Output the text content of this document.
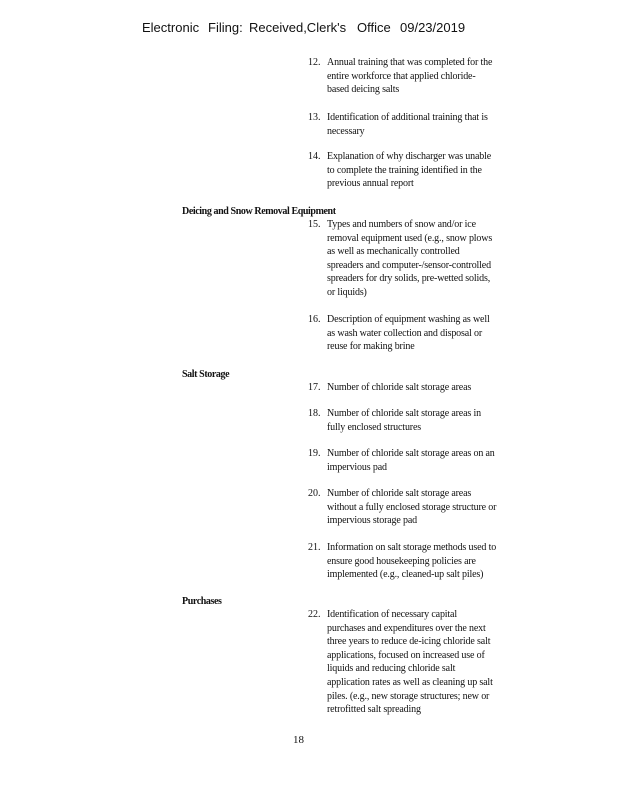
Electronic Filing: Received,Clerk's Office 09/23/2019
12. Annual training that was completed for the entire workforce that applied chloride-based deicing salts
13. Identification of additional training that is necessary
14. Explanation of why discharger was unable to complete the training identified in the previous annual report
Deicing and Snow Removal Equipment
15. Types and numbers of snow and/or ice removal equipment used (e.g., snow plows as well as mechanically controlled spreaders and computer-/sensor-controlled spreaders for dry solids, pre-wetted solids, or liquids)
16. Description of equipment washing as well as wash water collection and disposal or reuse for making brine
Salt Storage
17. Number of chloride salt storage areas
18. Number of chloride salt storage areas in fully enclosed structures
19. Number of chloride salt storage areas on an impervious pad
20. Number of chloride salt storage areas without a fully enclosed storage structure or impervious storage pad
21. Information on salt storage methods used to ensure good housekeeping policies are implemented (e.g., cleaned-up salt piles)
Purchases
22. Identification of necessary capital purchases and expenditures over the next three years to reduce de-icing chloride salt applications, focused on increased use of liquids and reducing chloride salt application rates as well as cleaning up salt piles. (e.g., new storage structures; new or retrofitted salt spreading
18
